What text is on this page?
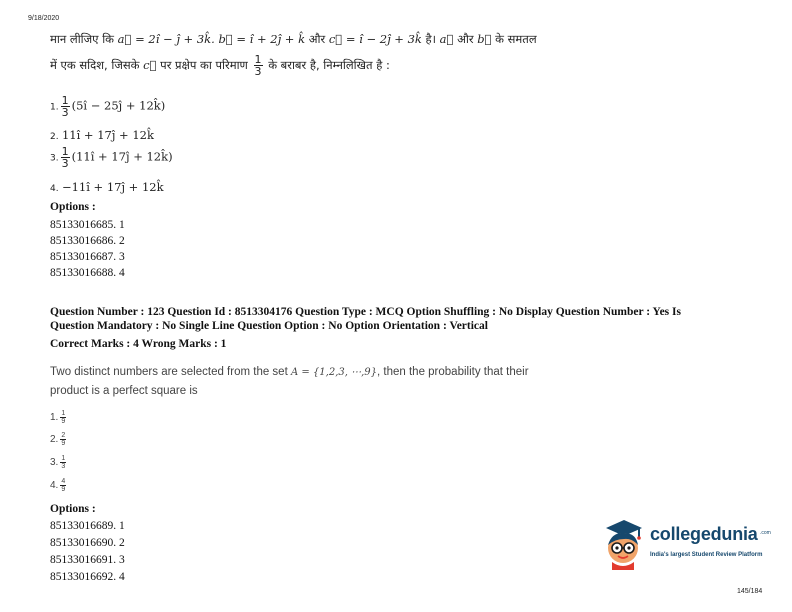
9/18/2020
मान लीजिए कि a⃗ = 2î − ĵ + 3k̂. b⃗ = î + 2ĵ + k̂ और c⃗ = î − 2ĵ + 3k̂ है। a⃗ और b⃗ के समतल
में एक सदिश, जिसके c⃗ पर प्रक्षेप का परिमाण $\frac{1}{3}$ के बराबर है, निम्नलिखित है :
1. $\frac{1}{3}$ (5î − 25ĵ + 12k̂)
2. 11î + 17ĵ + 12k̂
3. $\frac{1}{3}$ (11î + 17ĵ + 12k̂)
4. −11î + 17ĵ + 12k̂
Options :
85133016685. 1
85133016686. 2
85133016687. 3
85133016688. 4
Question Number : 123 Question Id : 8513304176 Question Type : MCQ Option Shuffling : No Display Question Number : Yes Is
Question Mandatory : No Single Line Question Option : No Option Orientation : Vertical
Correct Marks : 4 Wrong Marks : 1
Two distinct numbers are selected from the set A = {1,2,3, ⋯,9}, then the probability that their
product is a perfect square is
1. $\frac{1}{9}$
2. $\frac{2}{9}$
3. $\frac{1}{3}$
4. $\frac{4}{9}$
Options :
85133016689. 1
85133016690. 2
85133016691. 3
85133016692. 4
collegedunia .com
India's largest Student Review Platform
145/184
